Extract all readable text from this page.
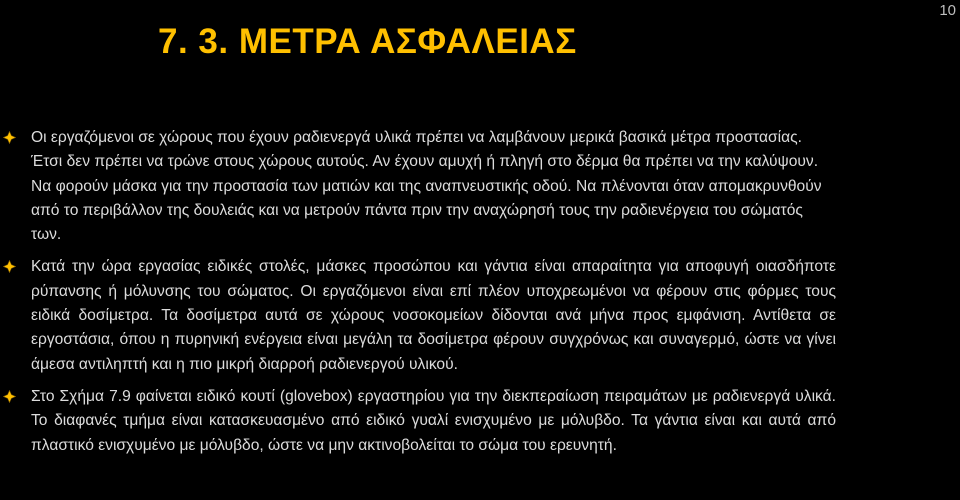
10
7. 3. ΜΕΤΡΑ ΑΣΦΑΛΕΙΑΣ
Οι εργαζόμενοι σε χώρους που έχουν ραδιενεργά υλικά πρέπει να λαμβάνουν μερικά βασικά μέτρα προστασίας. Έτσι δεν πρέπει να τρώνε στους χώρους αυτούς. Αν έχουν αμυχή ή πληγή στο δέρμα θα πρέπει να την καλύψουν. Να φορούν μάσκα για την προστασία των ματιών και της αναπνευστικής οδού. Να πλένονται όταν απομακρυνθούν από το περιβάλλον της δουλειάς και να μετρούν πάντα πριν την αναχώρησή τους την ραδιενέργεια του σώματός των.
Κατά την ώρα εργασίας ειδικές στολές, μάσκες προσώπου και γάντια είναι απαραίτητα για αποφυγή οιασδήποτε ρύπανσης ή μόλυνσης του σώματος. Οι εργαζόμενοι είναι επί πλέον υποχρεωμένοι να φέρουν στις φόρμες τους ειδικά δοσίμετρα. Τα δοσίμετρα αυτά σε χώρους νοσοκομείων δίδονται ανά μήνα προς εμφάνιση. Αντίθετα σε εργοστάσια, όπου η πυρηνική ενέργεια είναι μεγάλη τα δοσίμετρα φέρουν συγχρόνως και συναγερμό, ώστε να γίνει άμεσα αντιληπτή και η πιο μικρή διαρροή ραδιενεργού υλικού.
Στο Σχήμα 7.9 φαίνεται ειδικό κουτί (glovebox) εργαστηρίου για την διεκπεραίωση πειραμάτων με ραδιενεργά υλικά. Το διαφανές τμήμα είναι κατασκευασμένο από ειδικό γυαλί ενισχυμένο με μόλυβδο. Τα γάντια είναι και αυτά από πλαστικό ενισχυμένο με μόλυβδο, ώστε να μην ακτινοβολείται το σώμα του ερευνητή.
